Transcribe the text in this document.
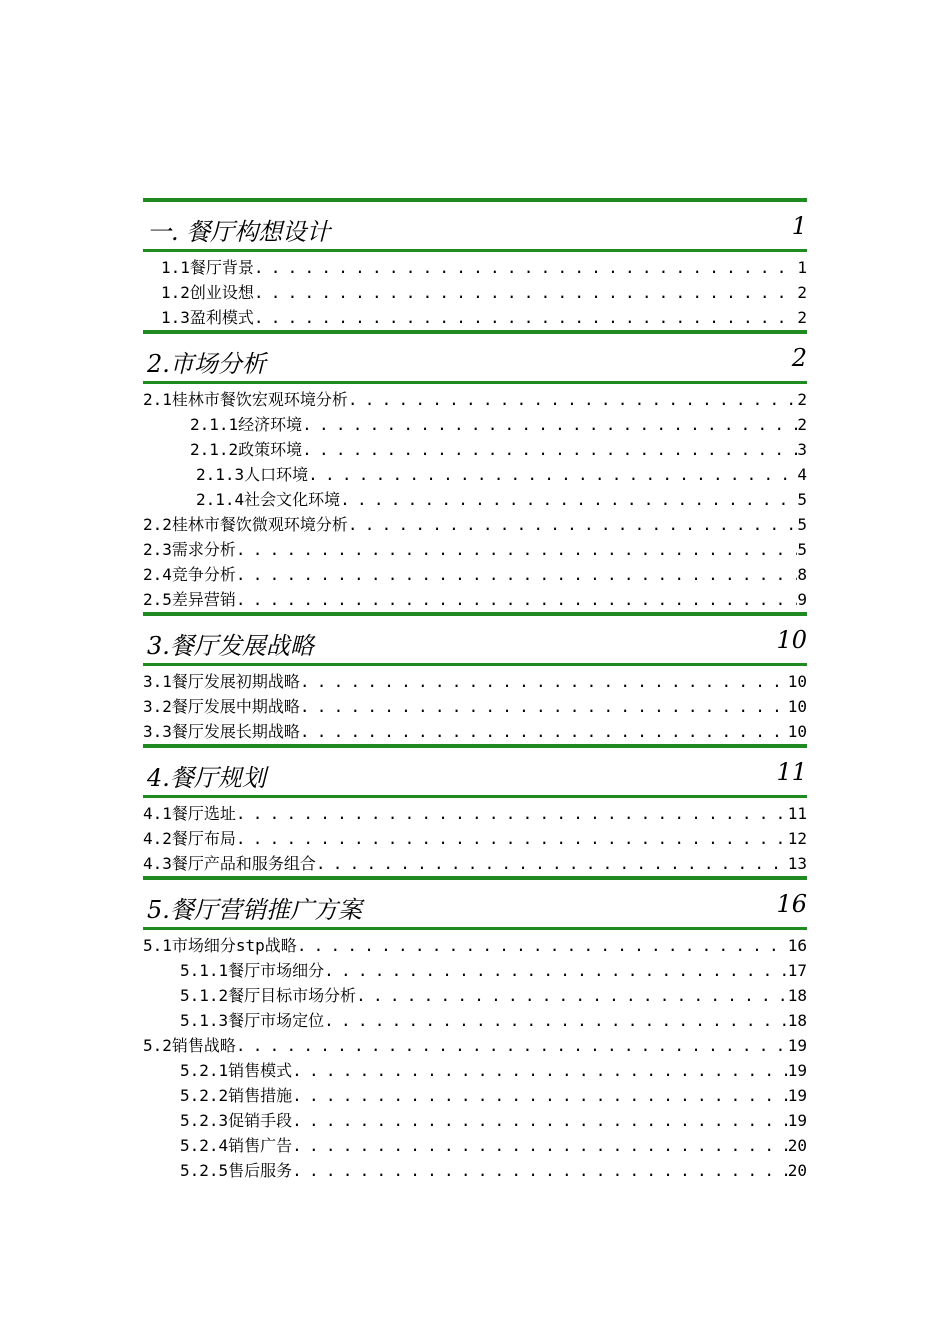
一. 餐厅构想设计	1
1.1餐厅背景 . . .	1
1.2创业设想 . . .	2
1.3盈利模式 . . .	2
2.市场分析	2
2.1桂林市餐饮宏观环境分析 . . .	2
2.1.1经济环境 . . .	2
2.1.2政策环境 . . .	3
2.1.3人口环境 . . .	4
2.1.4社会文化环境 . . .	5
2.2桂林市餐饮微观环境分析 . . .	5
2.3需求分析 . . .	5
2.4竞争分析 . . .	8
2.5差异营销 . . .	9
3.餐厅发展战略	10
3.1餐厅发展初期战略 . . .	10
3.2餐厅发展中期战略 . . .	10
3.3餐厅发展长期战略 . . .	10
4.餐厅规划	11
4.1餐厅选址 . . .	11
4.2餐厅布局 . . .	12
4.3餐厅产品和服务组合 . . .	13
5.餐厅营销推广方案	16
5.1市场细分stp战略 . . .	16
5.1.1餐厅市场细分 . . .	17
5.1.2餐厅目标市场分析 . . .	18
5.1.3餐厅市场定位 . . .	18
5.2销售战略 . . .	19
5.2.1销售模式 . . .	19
5.2.2销售措施 . . .	19
5.2.3促销手段 . . .	19
5.2.4销售广告 . . .	20
5.2.5售后服务 . . .	20
